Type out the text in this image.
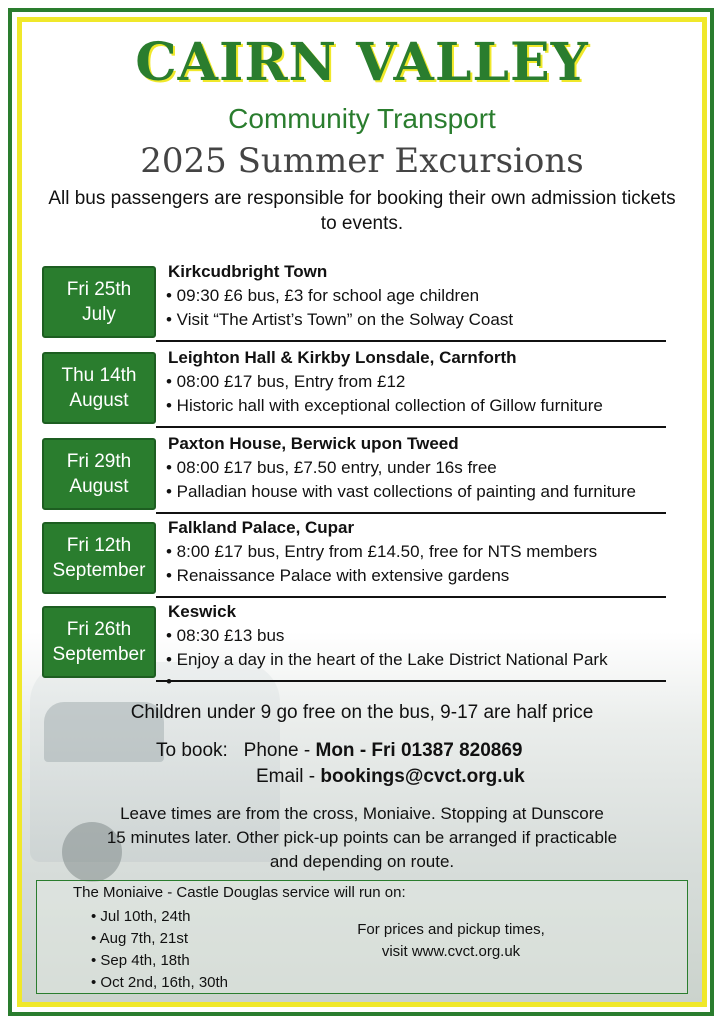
CAIRN VALLEY
Community Transport
2025 Summer Excursions
All bus passengers are responsible for booking their own admission tickets to events.
Fri 25th
July
Kirkcudbright Town
• 09:30 £6 bus, £3 for school age children
• Visit “The Artist’s Town” on the Solway Coast
Thu 14th
August
Leighton Hall & Kirkby Lonsdale, Carnforth
• 08:00 £17 bus, Entry from £12
• Historic hall with exceptional collection of Gillow furniture
Fri 29th
August
Paxton House, Berwick upon Tweed
• 08:00 £17 bus, £7.50 entry, under 16s free
• Palladian house with vast collections of painting and furniture
Fri 12th
September
Falkland Palace, Cupar
• 8:00 £17 bus, Entry from £14.50, free for NTS members
• Renaissance Palace with extensive gardens
Fri 26th
September
Keswick
• 08:30 £13 bus
• Enjoy a day in the heart of the Lake District National Park
Children under 9 go free on the bus, 9-17 are half price
To book: Phone - Mon - Fri 01387 820869
Email - bookings@cvct.org.uk
Leave times are from the cross, Moniaive. Stopping at Dunscore
15 minutes later. Other pick-up points can be arranged if practicable
and depending on route.
The Moniaive - Castle Douglas service will run on:
• Jul 10th, 24th
• Aug 7th, 21st
• Sep 4th, 18th
• Oct 2nd, 16th, 30th
For prices and pickup times,
visit www.cvct.org.uk
